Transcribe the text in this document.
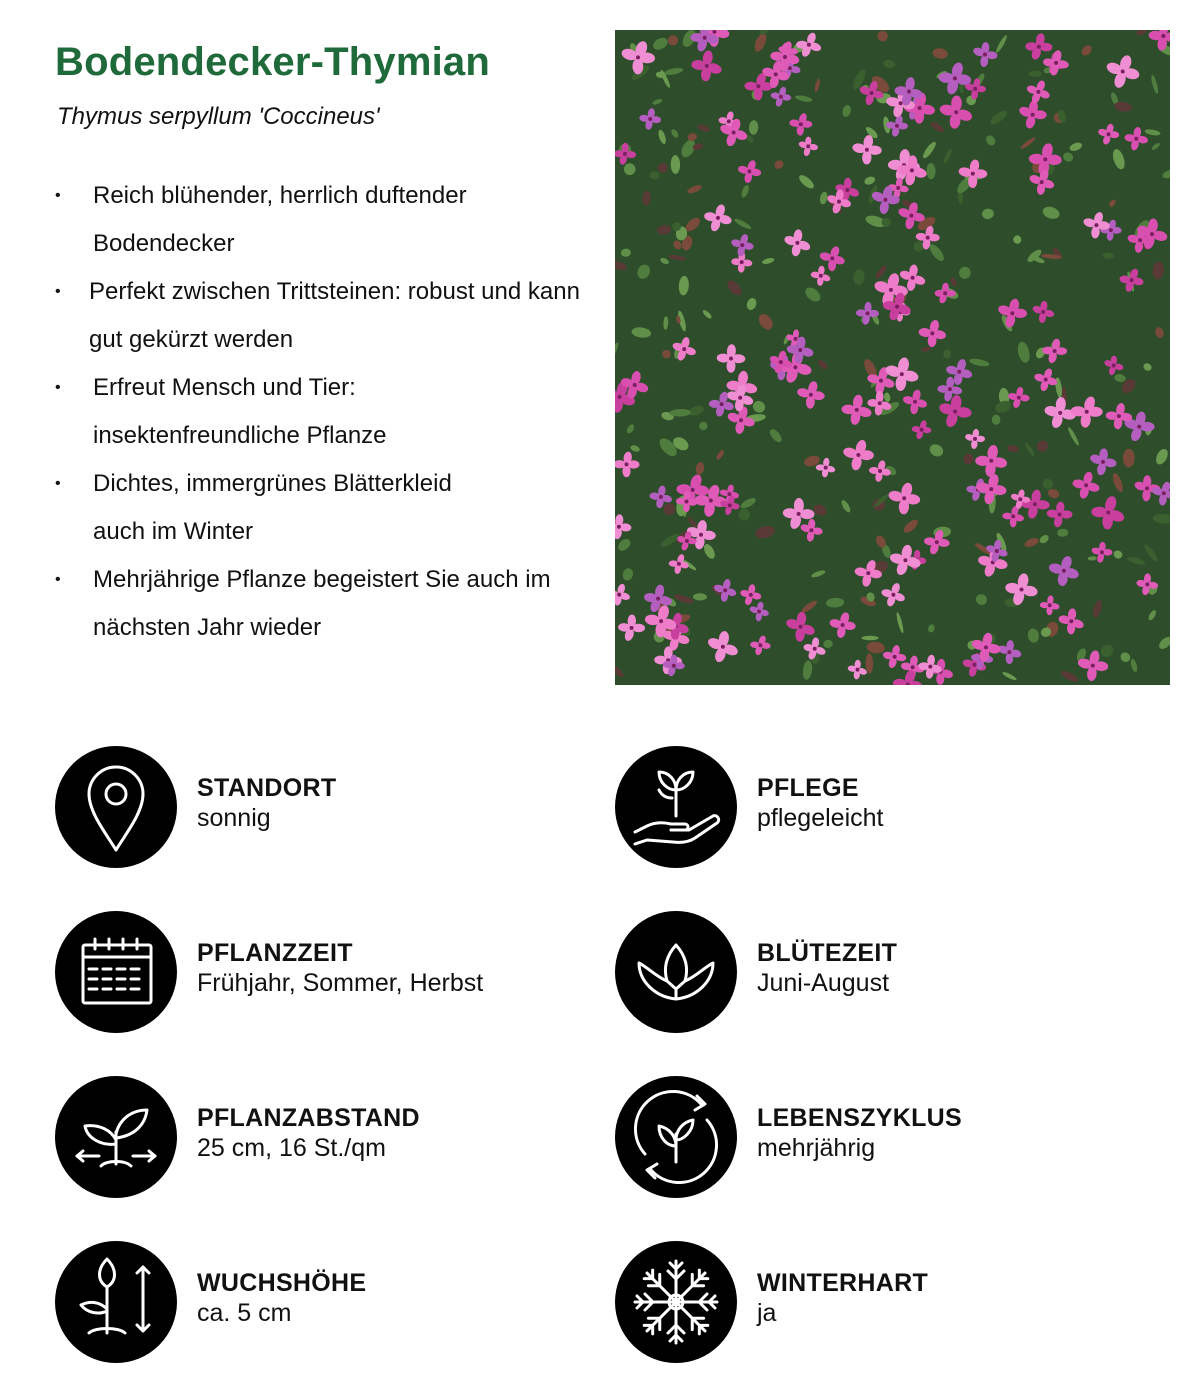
Bodendecker-Thymian
Thymus serpyllum 'Coccineus'
• Reich blühender, herrlich duftender Bodendecker
• Perfekt zwischen Trittsteinen: robust und kann gut gekürzt werden
• Erfreut Mensch und Tier: insektenfreundliche Pflanze
• Dichtes, immergrünes Blätterkleid auch im Winter
• Mehrjährige Pflanze begeistert Sie auch im nächsten Jahr wieder
STANDORT
sonnig
PFLEGE
pflegeleicht
PFLANZZEIT
Frühjahr, Sommer, Herbst
BLÜTEZEIT
Juni-August
PFLANZABSTAND
25 cm, 16 St./qm
LEBENSZYKLUS
mehrjährig
WUCHSHÖHE
ca. 5 cm
WINTERHART
ja
